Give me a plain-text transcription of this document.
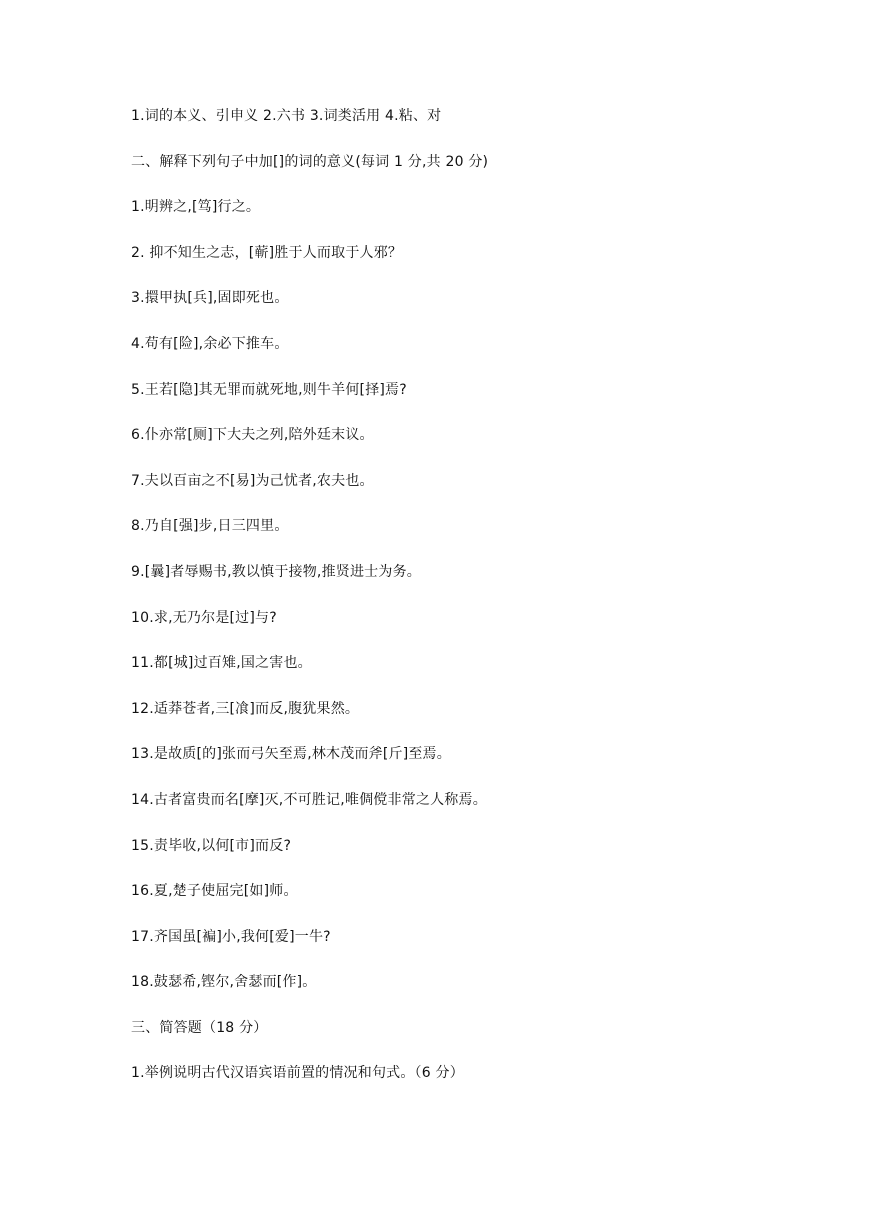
1.词的本义、引申义 2.六书 3.词类活用 4.粘、对
二、解释下列句子中加[]的词的意义(每词 1 分,共 20 分)
1.明辨之,[笃]行之。
2. 抑不知生之志，[蕲]胜于人而取于人邪？
3.擐甲执[兵],固即死也。
4.苟有[险],余必下推车。
5.王若[隐]其无罪而就死地,则牛羊何[择]焉?
6.仆亦常[厕]下大夫之列,陪外廷末议。
7.夫以百亩之不[易]为己忧者,农夫也。
8.乃自[强]步,日三四里。
9.[曩]者辱赐书,教以慎于接物,推贤进士为务。
10.求,无乃尔是[过]与?
11.都[城]过百雉,国之害也。
12.适莽苍者,三[飡]而反,腹犹果然。
13.是故质[的]张而弓矢至焉,林木茂而斧[斤]至焉。
14.古者富贵而名[摩]灭,不可胜记,唯倜傥非常之人称焉。
15.责毕收,以何[市]而反?
16.夏,楚子使屈完[如]师。
17.齐国虽[褊]小,我何[爱]一牛?
18.鼓瑟希,铿尔,舍瑟而[作]。
三、简答题（18 分）
1.举例说明古代汉语宾语前置的情况和句式。（6 分）
